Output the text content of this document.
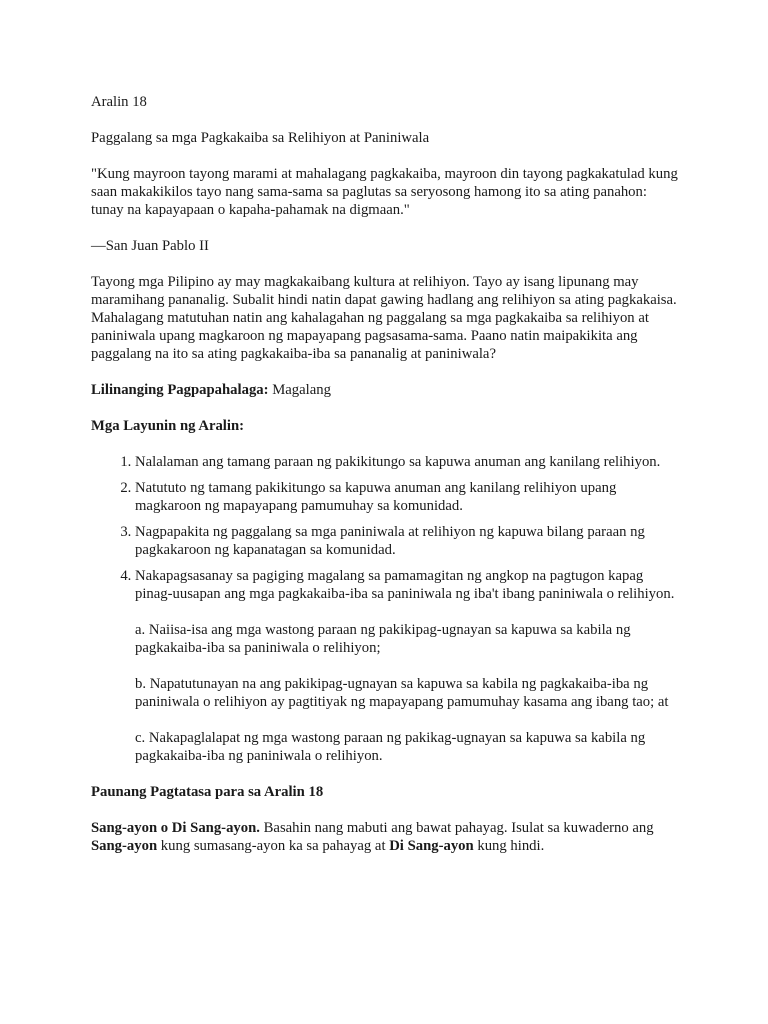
Aralin 18

Paggalang sa mga Pagkakaiba sa Relihiyon at Paniniwala

"Kung mayroon tayong marami at mahalagang pagkakaiba, mayroon din tayong pagkakatulad kung saan makakikilos tayo nang sama-sama sa paglutas sa seryosong hamong ito sa ating panahon: tunay na kapayapaan o kapaha-pahamak na digmaan."

—San Juan Pablo II

Tayong mga Pilipino ay may magkakaibang kultura at relihiyon. Tayo ay isang lipunang may maramihang pananalig. Subalit hindi natin dapat gawing hadlang ang relihiyon sa ating pagkakaisa. Mahalagang matutuhan natin ang kahalagahan ng paggalang sa mga pagkakaiba sa relihiyon at paniniwala upang magkaroon ng mapayapang pagsasama-sama. Paano natin maipakikita ang paggalang na ito sa ating pagkakaiba-iba sa pananalig at paniniwala?

Lilinanging Pagpapahalaga: Magalang

Mga Layunin ng Aralin:

1. Nalalaman ang tamang paraan ng pakikitungo sa kapuwa anuman ang kanilang relihiyon.
2. Natututo ng tamang pakikitungo sa kapuwa anuman ang kanilang relihiyon upang magkaroon ng mapayapang pamumuhay sa komunidad.
3. Nagpapakita ng paggalang sa mga paniniwala at relihiyon ng kapuwa bilang paraan ng pagkakaroon ng kapanatagan sa komunidad.
4. Nakapagsasanay sa pagiging magalang sa pamamagitan ng angkop na pagtugon kapag pinag-uusapan ang mga pagkakaiba-iba sa paniniwala ng iba't ibang paniniwala o relihiyon.

a. Naiisa-isa ang mga wastong paraan ng pakikipag-ugnayan sa kapuwa sa kabila ng pagkakaiba-iba sa paniniwala o relihiyon;

b. Napatutunayan na ang pakikipag-ugnayan sa kapuwa sa kabila ng pagkakaiba-iba ng paniniwala o relihiyon ay pagtitiyak ng mapayapang pamumuhay kasama ang ibang tao; at

c. Nakapaglalapat ng mga wastong paraan ng pakikag-ugnayan sa kapuwa sa kabila ng pagkakaiba-iba ng paniniwala o relihiyon.

Paunang Pagtatasa para sa Aralin 18

Sang-ayon o Di Sang-ayon. Basahin nang mabuti ang bawat pahayag. Isulat sa kuwaderno ang Sang-ayon kung sumasang-ayon ka sa pahayag at Di Sang-ayon kung hindi.
